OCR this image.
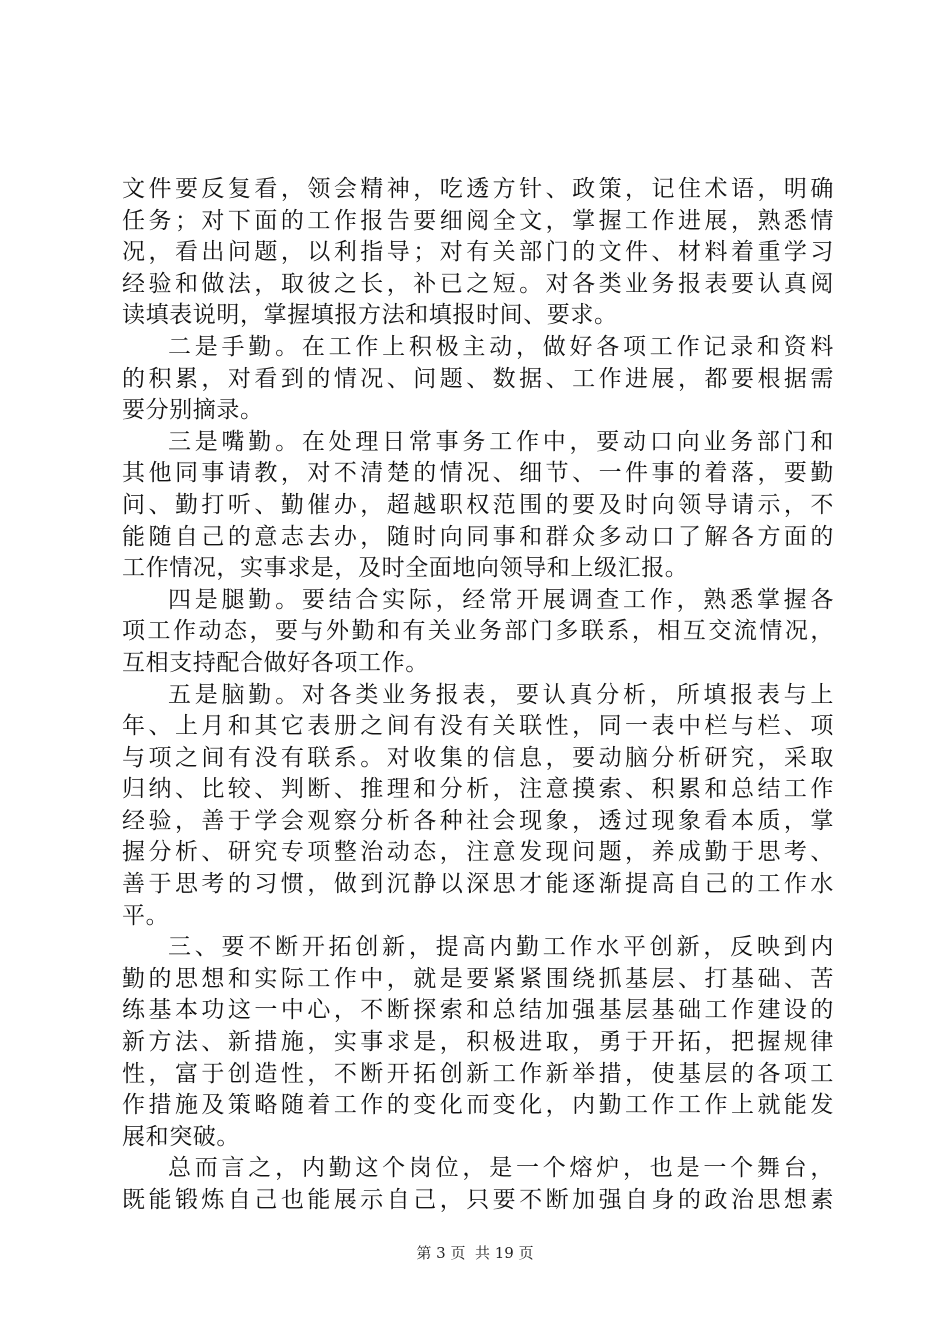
文件要反复看，领会精神，吃透方针、政策，记住术语，明确
任务；对下面的工作报告要细阅全文，掌握工作进展，熟悉情
况，看出问题，以利指导；对有关部门的文件、材料着重学习
经验和做法，取彼之长，补已之短。对各类业务报表要认真阅
读填表说明，掌握填报方法和填报时间、要求。
二是手勤。在工作上积极主动，做好各项工作记录和资料
的积累，对看到的情况、问题、数据、工作进展，都要根据需
要分别摘录。
三是嘴勤。在处理日常事务工作中，要动口向业务部门和
其他同事请教，对不清楚的情况、细节、一件事的着落，要勤
问、勤打听、勤催办，超越职权范围的要及时向领导请示，不
能随自己的意志去办，随时向同事和群众多动口了解各方面的
工作情况，实事求是，及时全面地向领导和上级汇报。
四是腿勤。要结合实际，经常开展调查工作，熟悉掌握各
项工作动态，要与外勤和有关业务部门多联系，相互交流情况，
互相支持配合做好各项工作。
五是脑勤。对各类业务报表，要认真分析，所填报表与上
年、上月和其它表册之间有没有关联性，同一表中栏与栏、项
与项之间有没有联系。对收集的信息，要动脑分析研究，采取
归纳、比较、判断、推理和分析，注意摸索、积累和总结工作
经验，善于学会观察分析各种社会现象，透过现象看本质，掌
握分析、研究专项整治动态，注意发现问题，养成勤于思考、
善于思考的习惯，做到沉静以深思才能逐渐提高自己的工作水
平。
三、要不断开拓创新，提高内勤工作水平创新，反映到内
勤的思想和实际工作中，就是要紧紧围绕抓基层、打基础、苦
练基本功这一中心，不断探索和总结加强基层基础工作建设的
新方法、新措施，实事求是，积极进取，勇于开拓，把握规律
性，富于创造性，不断开拓创新工作新举措，使基层的各项工
作措施及策略随着工作的变化而变化，内勤工作工作上就能发
展和突破。
总而言之，内勤这个岗位，是一个熔炉，也是一个舞台，
既能锻炼自己也能展示自己，只要不断加强自身的政治思想素
第 3 页  共 19 页
